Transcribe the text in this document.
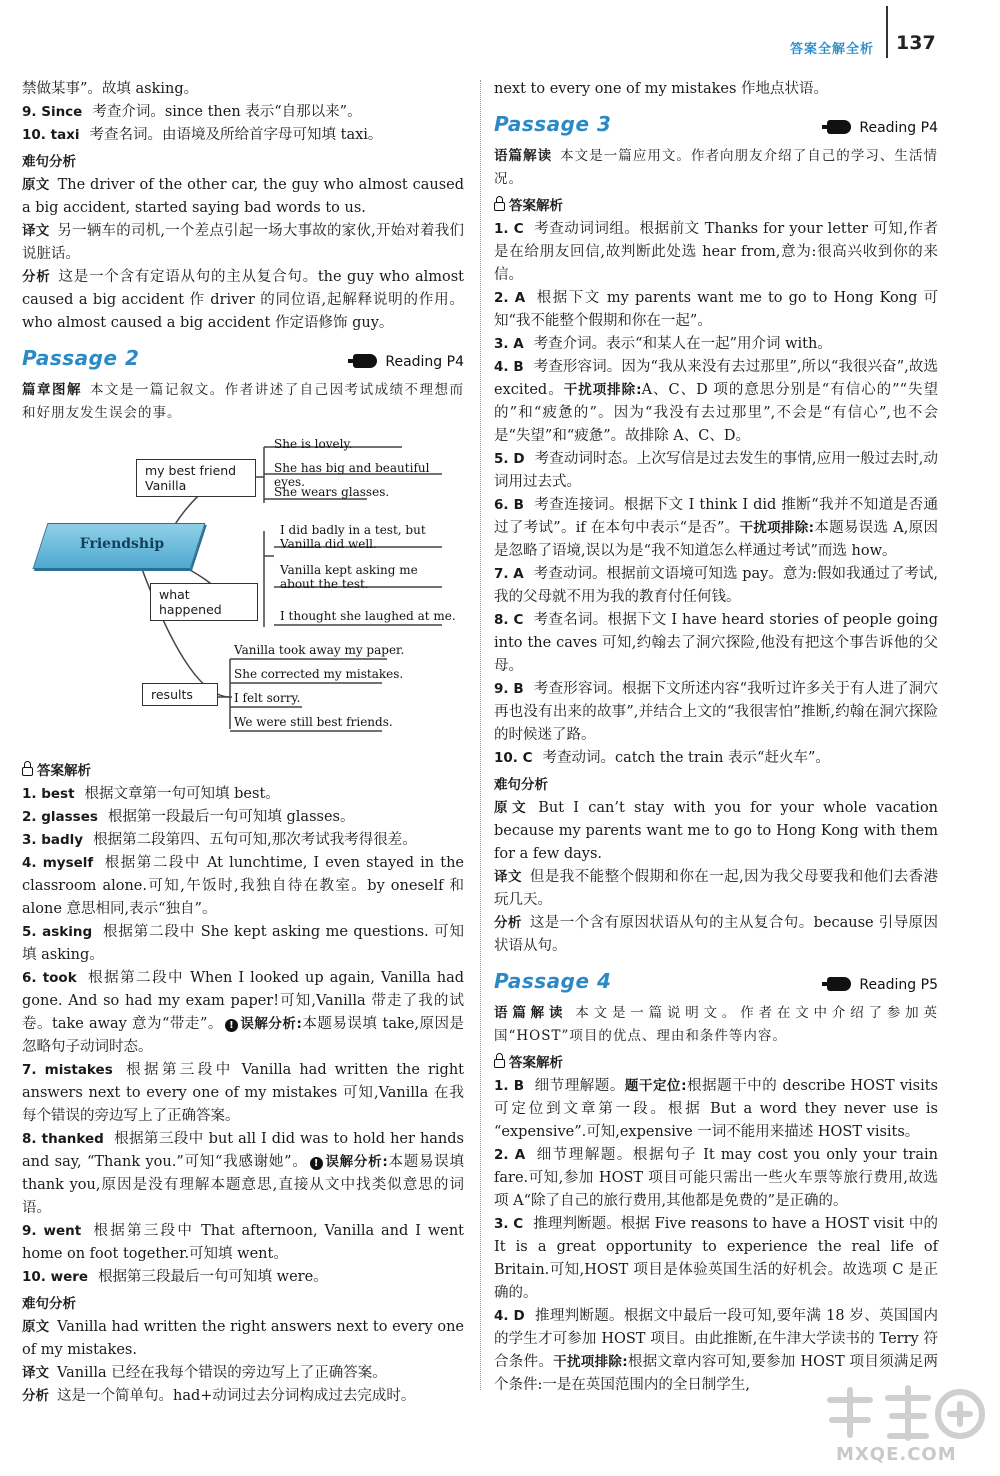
答案全解全析 137

禁做某事”。故填 asking。

9. Since 考查介词。since then 表示“自那以来”。

10. taxi 考查名词。由语境及所给首字母可知填 taxi。

难句分析

原文 The driver of the other car, the guy who almost caused a big accident, started saying bad words to us.

译文 另一辆车的司机,一个差点引起一场大事故的家伙,开始对着我们说脏话。

分析 这是一个含有定语从句的主从复合句。the guy who almost caused a big accident 作 driver 的同位语,起解释说明的作用。who almost caused a big accident 作定语修饰 guy。

Passage 2	Reading P4

篇章图解 本文是一篇记叙文。作者讲述了自己因考试成绩不理想而和好朋友发生误会的事。

Friendship
my best friend
Vanilla
She is lovely.
She has big and beautiful eyes.
She wears glasses.
what happened
I did badly in a test, but
Vanilla did well.
Vanilla kept asking me
about the test.
I thought she laughed at me.
results
Vanilla took away my paper.
She corrected my mistakes.
I felt sorry.
We were still best friends.

答案解析

1. best 根据文章第一句可知填 best。

2. glasses 根据第一段最后一句可知填 glasses。

3. badly 根据第二段第四、五句可知,那次考试我考得很差。

4. myself 根据第二段中 At lunchtime, I even stayed in the classroom alone.可知,午饭时,我独自待在教室。by oneself 和 alone 意思相同,表示“独自”。

5. asking 根据第二段中 She kept asking me questions. 可知填 asking。

6. took 根据第二段中 When I looked up again, Vanilla had gone. And so had my exam paper!可知,Vanilla 带走了我的试卷。take away 意为“带走”。 ! 误解分析:本题易误填 take,原因是忽略句子动词时态。

7. mistakes 根据第三段中 Vanilla had written the right answers next to every one of my mistakes 可知,Vanilla 在我每个错误的旁边写上了正确答案。

8. thanked 根据第三段中 but all I did was to hold her hands and say, “Thank you.”可知“我感谢她”。 ! 误解分析:本题易误填 thank you,原因是没有理解本题意思,直接从文中找类似意思的词语。

9. went 根据第三段中 That afternoon, Vanilla and I went home on foot together.可知填 went。

10. were 根据第三段最后一句可知填 were。

难句分析

原文 Vanilla had written the right answers next to every one of my mistakes.

译文 Vanilla 已经在我每个错误的旁边写上了正确答案。

分析 这是一个简单句。had+动词过去分词构成过去完成时。

next to every one of my mistakes 作地点状语。

Passage 3	Reading P4

语篇解读 本文是一篇应用文。作者向朋友介绍了自己的学习、生活情况。

答案解析

1. C 考查动词词组。根据前文 Thanks for your letter 可知,作者是在给朋友回信,故判断此处选 hear from,意为:很高兴收到你的来信。

2. A 根据下文 my parents want me to go to Hong Kong 可知“我不能整个假期和你在一起”。

3. A 考查介词。表示“和某人在一起”用介词 with。

4. B 考查形容词。因为“我从来没有去过那里”,所以“我很兴奋”,故选 excited。干扰项排除:A、C、D 项的意思分别是“有信心的”“失望的”和“疲惫的”。因为“我没有去过那里”,不会是“有信心”,也不会是“失望”和“疲惫”。故排除 A、C、D。

5. D 考查动词时态。上次写信是过去发生的事情,应用一般过去时,动词用过去式。

6. B 考查连接词。根据下文 I think I did 推断“我并不知道是否通过了考试”。if 在本句中表示“是否”。干扰项排除:本题易误选 A,原因是忽略了语境,误以为是“我不知道怎么样通过考试”而选 how。

7. A 考查动词。根据前文语境可知选 pay。意为:假如我通过了考试,我的父母就不用为我的教育付任何钱。

8. C 考查名词。根据下文 I have heard stories of people going into the caves 可知,约翰去了洞穴探险,他没有把这个事告诉他的父母。

9. B 考查形容词。根据下文所述内容“我听过许多关于有人进了洞穴再也没有出来的故事”,并结合上文的“我很害怕”推断,约翰在洞穴探险的时候迷了路。

10. C 考查动词。catch the train 表示“赶火车”。

难句分析

原文 But I can’t stay with you for your whole vacation because my parents want me to go to Hong Kong with them for a few days.

译文 但是我不能整个假期和你在一起,因为我父母要我和他们去香港玩几天。

分析 这是一个含有原因状语从句的主从复合句。because 引导原因状语从句。

Passage 4	Reading P5

语篇解读 本文是一篇说明文。作者在文中介绍了参加英国“HOST”项目的优点、理由和条件等内容。

答案解析

1. B 细节理解题。题干定位:根据题干中的 describe HOST visits 可定位到文章第一段。根据 But a word they never use is “expensive”.可知,expensive 一词不能用来描述 HOST visits。

2. A 细节理解题。根据句子 It may cost you only your train fare.可知,参加 HOST 项目可能只需出一些火车票等旅行费用,故选项 A“除了自己的旅行费用,其他都是免费的”是正确的。

3. C 推理判断题。根据 Five reasons to have a HOST visit 中的 It is a great opportunity to experience the real life of Britain.可知,HOST 项目是体验英国生活的好机会。故选项 C 是正确的。

4. D 推理判断题。根据文中最后一段可知,要年满 18 岁、英国国内的学生才可参加 HOST 项目。由此推断,在牛津大学读书的 Terry 符合条件。干扰项排除:根据文章内容可知,要参加 HOST 项目须满足两个条件:一是在英国范围内的全日制学生,

MXQE.COM
